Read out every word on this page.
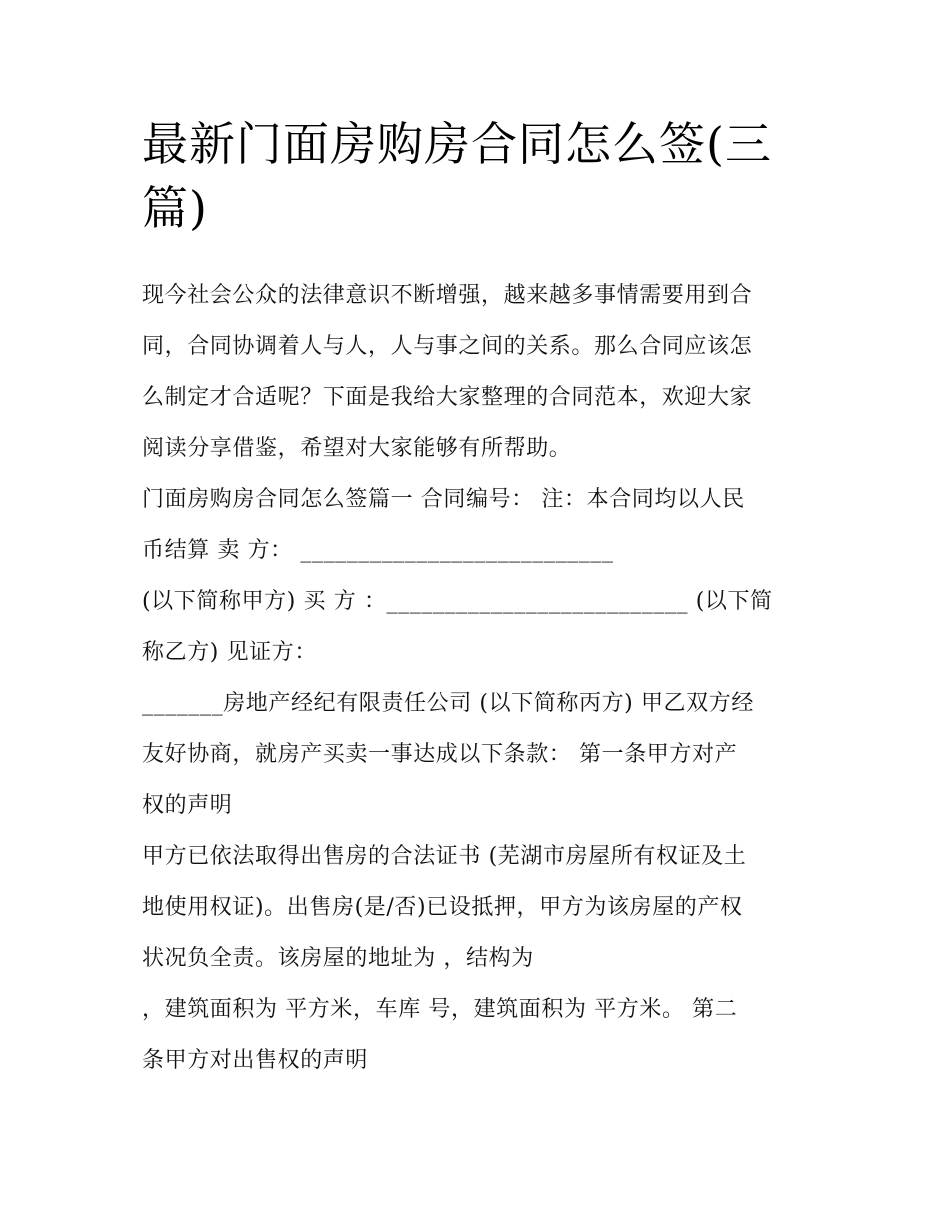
最新门面房购房合同怎么签(三
篇)
现今社会公众的法律意识不断增强，越来越多事情需要用到合
同，合同协调着人与人，人与事之间的关系。那么合同应该怎
么制定才合适呢？下面是我给大家整理的合同范本，欢迎大家
阅读分享借鉴，希望对大家能够有所帮助。
门面房购房合同怎么签篇一 合同编号： 注：本合同均以人民
币结算 卖 方： ___________________________
(以下简称甲方) 买 方 ：__________________________ (以下简
称乙方) 见证方：
_______房地产经纪有限责任公司 (以下简称丙方) 甲乙双方经
友好协商，就房产买卖一事达成以下条款： 第一条甲方对产
权的声明
甲方已依法取得出售房的合法证书 (芜湖市房屋所有权证及土
地使用权证)。出售房(是/否)已设抵押，甲方为该房屋的产权
状况负全责。该房屋的地址为 ，结构为
，建筑面积为 平方米，车库 号，建筑面积为 平方米。 第二
条甲方对出售权的声明
